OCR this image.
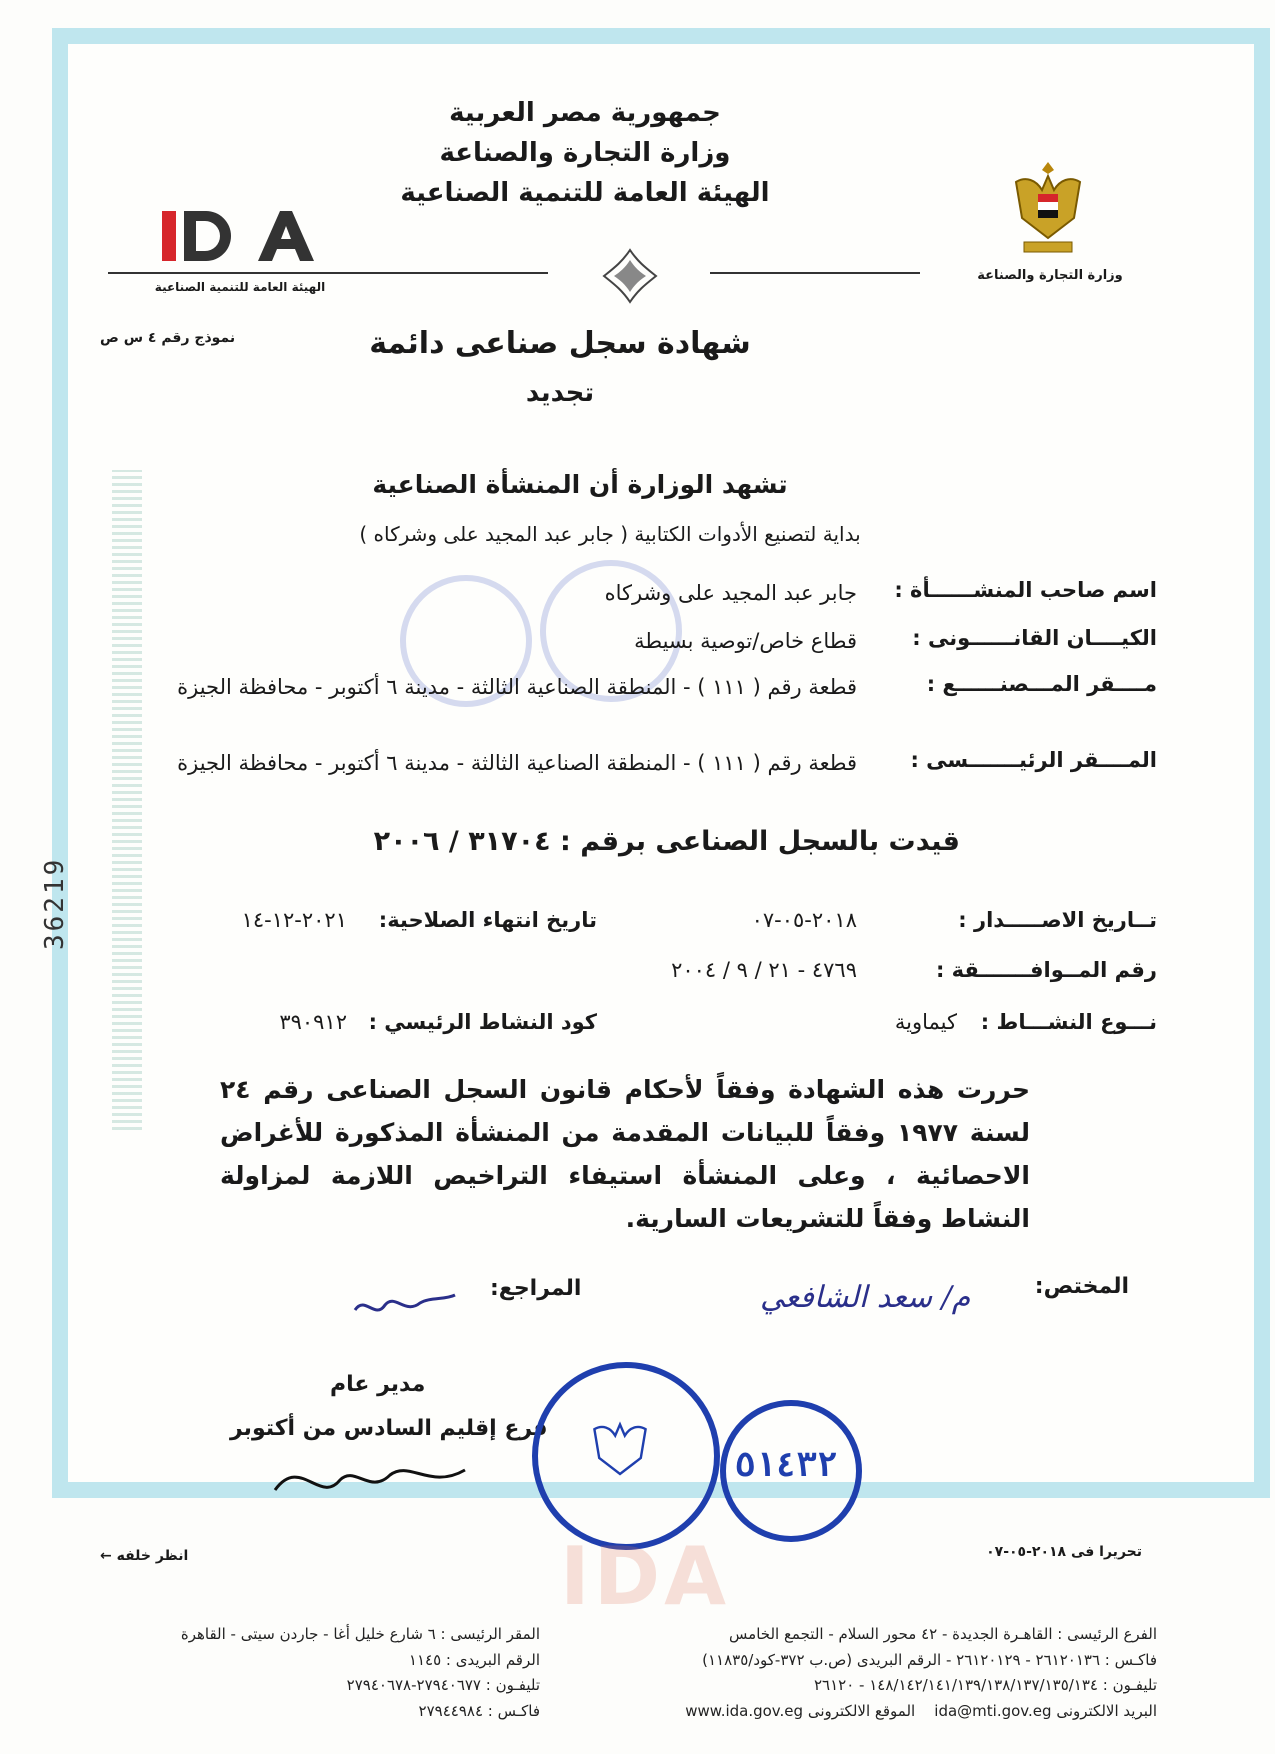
36219
جمهورية مصر العربية
وزارة التجارة والصناعة
الهيئة العامة للتنمية الصناعية
IDA
الهيئة العامة للتنمية الصناعية
نموذج رقم ٤ س ص
وزارة التجارة والصناعة
شهادة سجل صناعى دائمة
تجديد
تشهد الوزارة أن المنشأة الصناعية
بداية لتصنيع الأدوات الكتابية ( جابر عبد المجيد على وشركاه )
اسم صاحب المنشــــــأة :
جابر عبد المجيد على وشركاه
الكيــــان القانــــــونى :
قطاع خاص/توصية بسيطة
مــــقر المـــصنــــــع :
قطعة رقم ( ١١١ ) - المنطقة الصناعية الثالثة - مدينة ٦ أكتوبر - محافظة الجيزة
المــــقر الرئيـــــــسى :
قطعة رقم ( ١١١ ) - المنطقة الصناعية الثالثة - مدينة ٦ أكتوبر - محافظة الجيزة
قيدت بالسجل الصناعى برقم : ٣١٧٠٤ / ٢٠٠٦
تــاريخ الاصـــــدار :
٢٠١٨-٠٥-٠٧
تاريخ انتهاء الصلاحية:
٢٠٢١-١٢-١٤
رقم المــوافـــــــقة :
٤٧٦٩ - ٢١ / ٩ / ٢٠٠٤
نـــوع النشـــاط :
كيماوية
كود النشاط الرئيسي :
٣٩٠٩١٢
حررت هذه الشهادة وفقاً لأحكام قانون السجل الصناعى رقم ٢٤ لسنة ١٩٧٧ وفقاً للبيانات المقدمة من المنشأة المذكورة للأغراض الاحصائية ، وعلى المنشأة استيفاء التراخيص اللازمة لمزاولة النشاط وفقاً للتشريعات السارية.
المختص:
م/ سعد الشافعي
المراجع:
مدير عام
فرع إقليم السادس من أكتوبر
٥١٤٣٢
تحريرا فى ٢٠١٨-٠٥-٠٧
انظر خلفه ←	IDA
الفرع الرئيسى : القاهـرة الجديدة - ٤٢ محور السلام - التجمع الخامس
فاكـس : ٢٦١٢٠١٣٦ - ٢٦١٢٠١٢٩ - الرقم البريدى (ص.ب ٣٧٢-كود/١١٨٣٥)
تليفـون : ١٤٨/١٤٢/١٤١/١٣٩/١٣٨/١٣٧/١٣٥/١٣٤ - ٢٦١٢٠
البريد الالكترونى ida@mti.gov.eg    الموقع الالكترونى www.ida.gov.eg
المقر الرئيسى : ٦ شارع خليل أغا - جاردن سيتى - القاهرة
الرقم البريدى : ١١٤٥
تليفـون : ٢٧٩٤٠٦٧٧-٢٧٩٤٠٦٧٨
فاكـس : ٢٧٩٤٤٩٨٤
